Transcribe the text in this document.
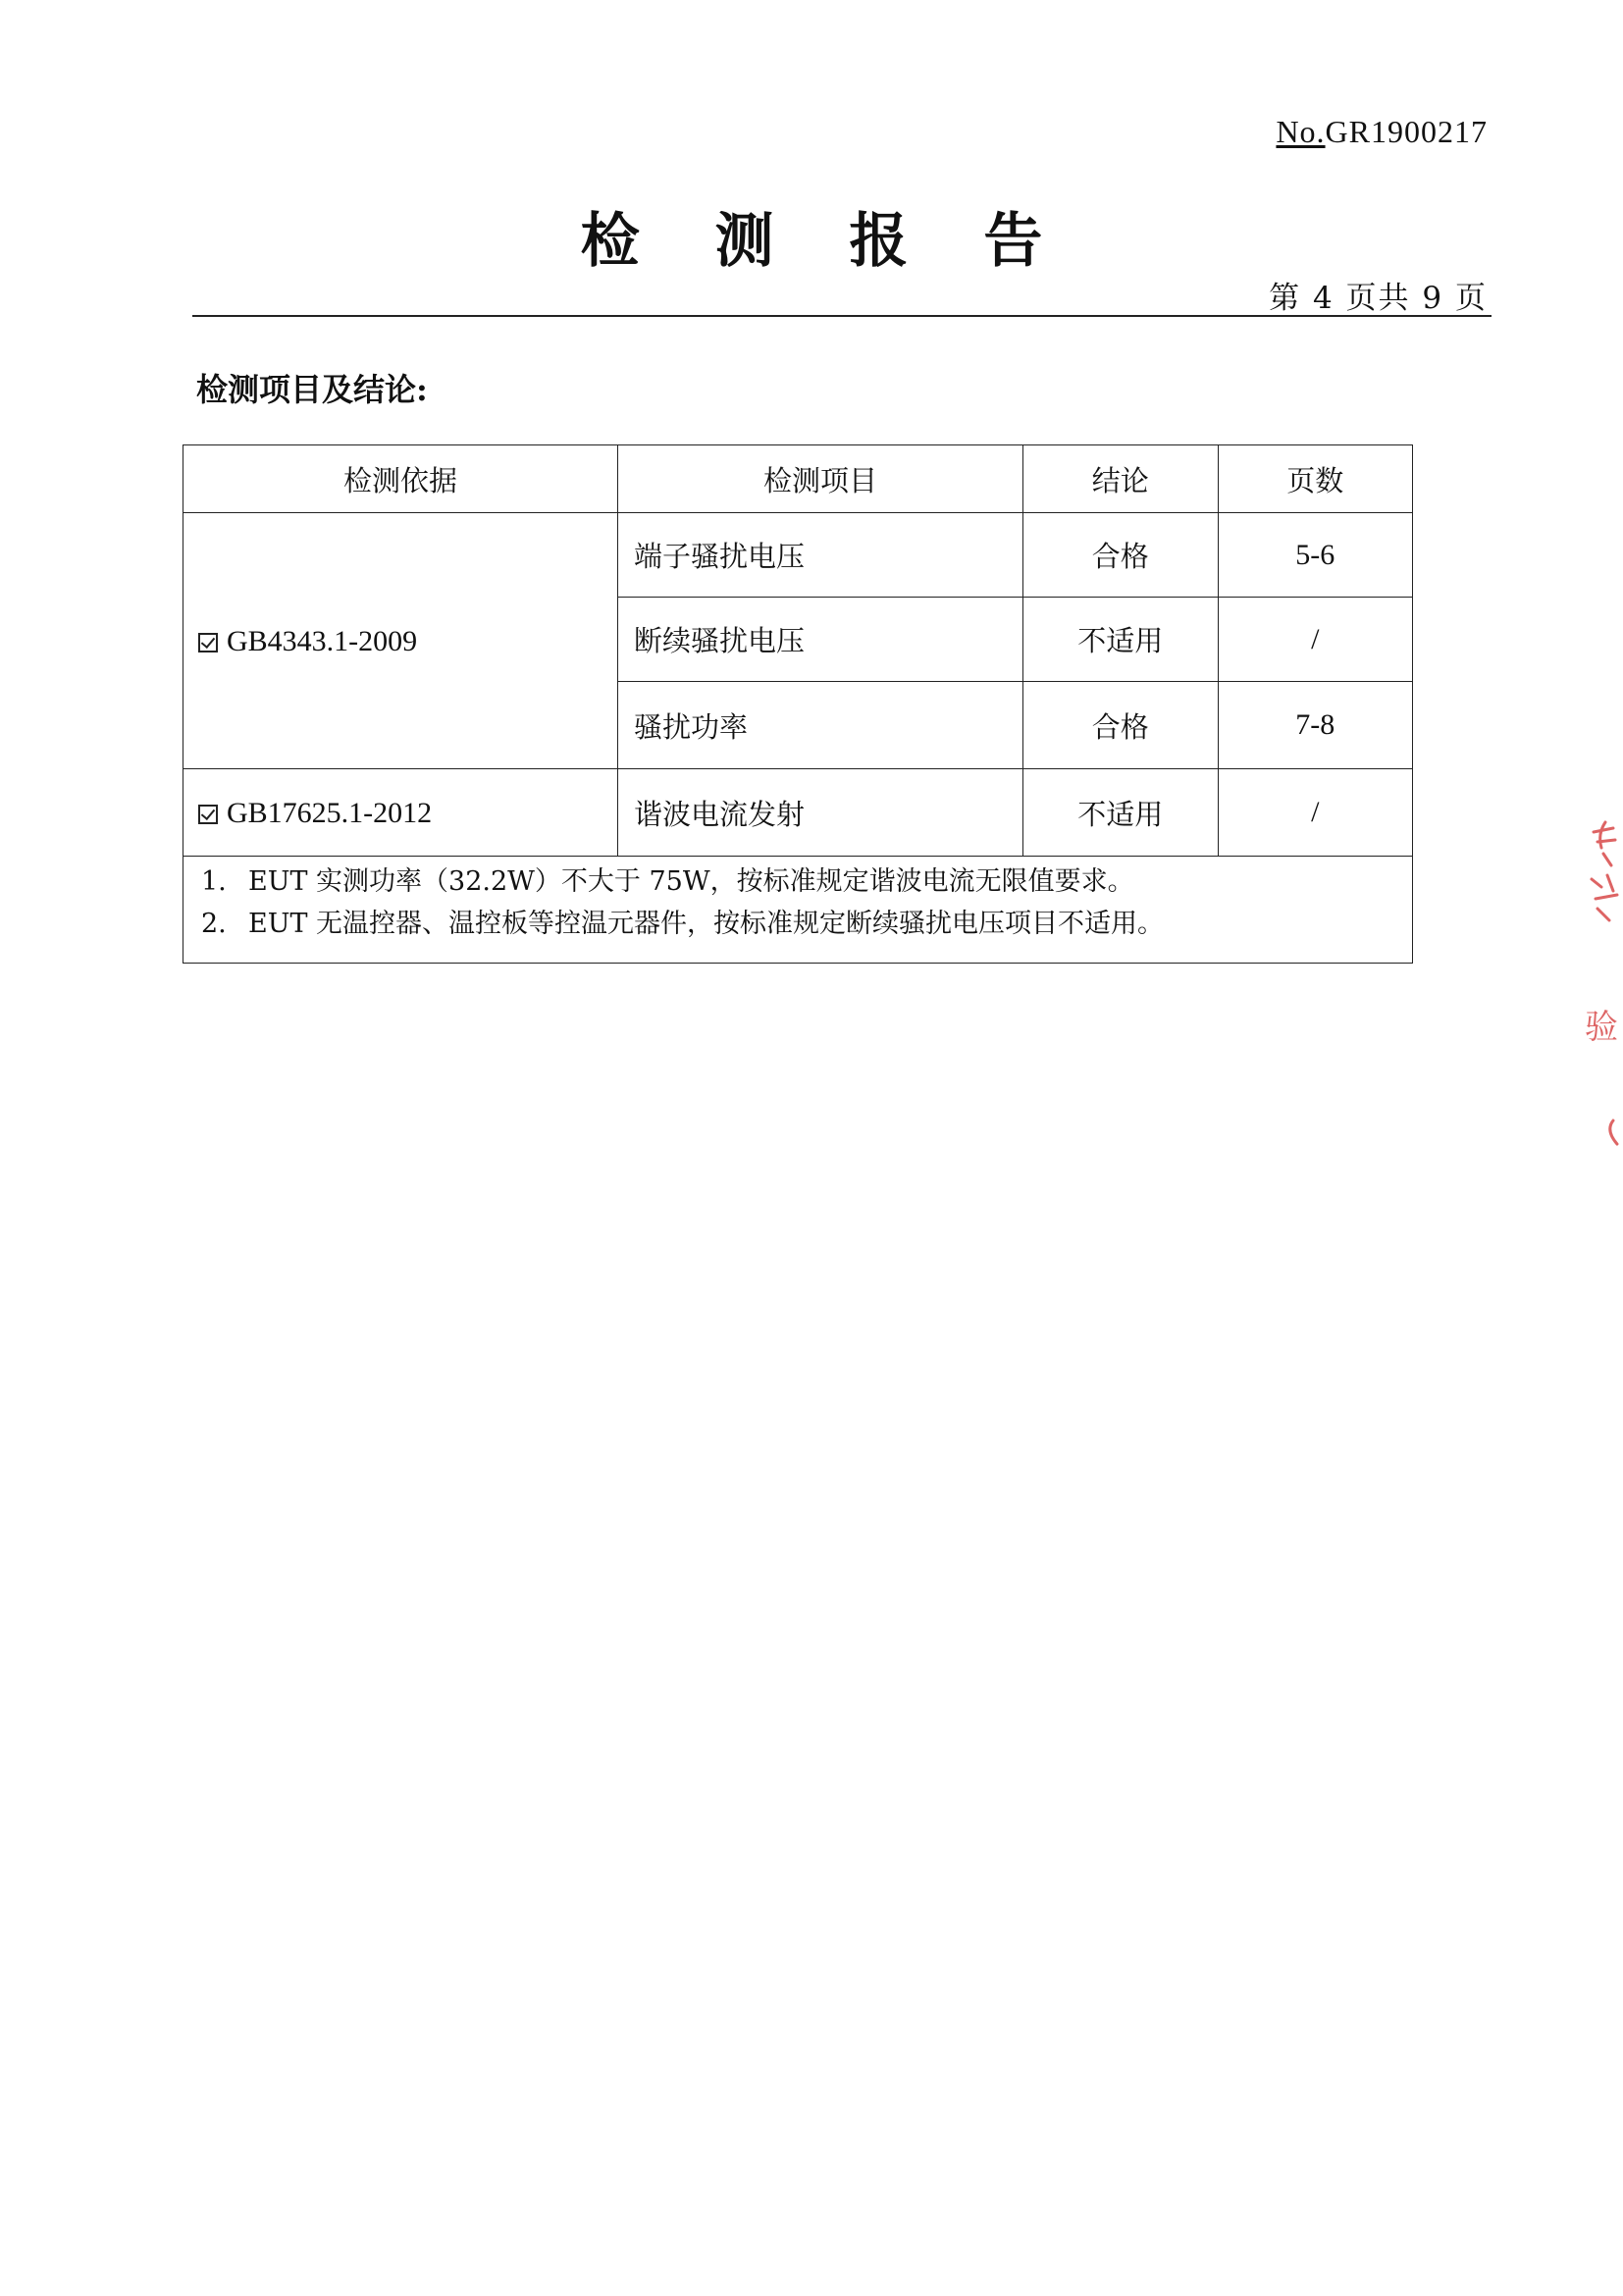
No.GR1900217
检 测 报 告
第 4 页共 9 页
检测项目及结论:
检测依据	检测项目	结论	页数
GB4343.1-2009	端子骚扰电压	合格	5-6
	断续骚扰电压	不适用	/
	骚扰功率	合格	7-8
GB17625.1-2012	谐波电流发射	不适用	/

1. EUT 实测功率（32.2W）不大于 75W，按标准规定谐波电流无限值要求。
2. EUT 无温控器、温控板等控温元器件，按标准规定断续骚扰电压项目不适用。			
验
